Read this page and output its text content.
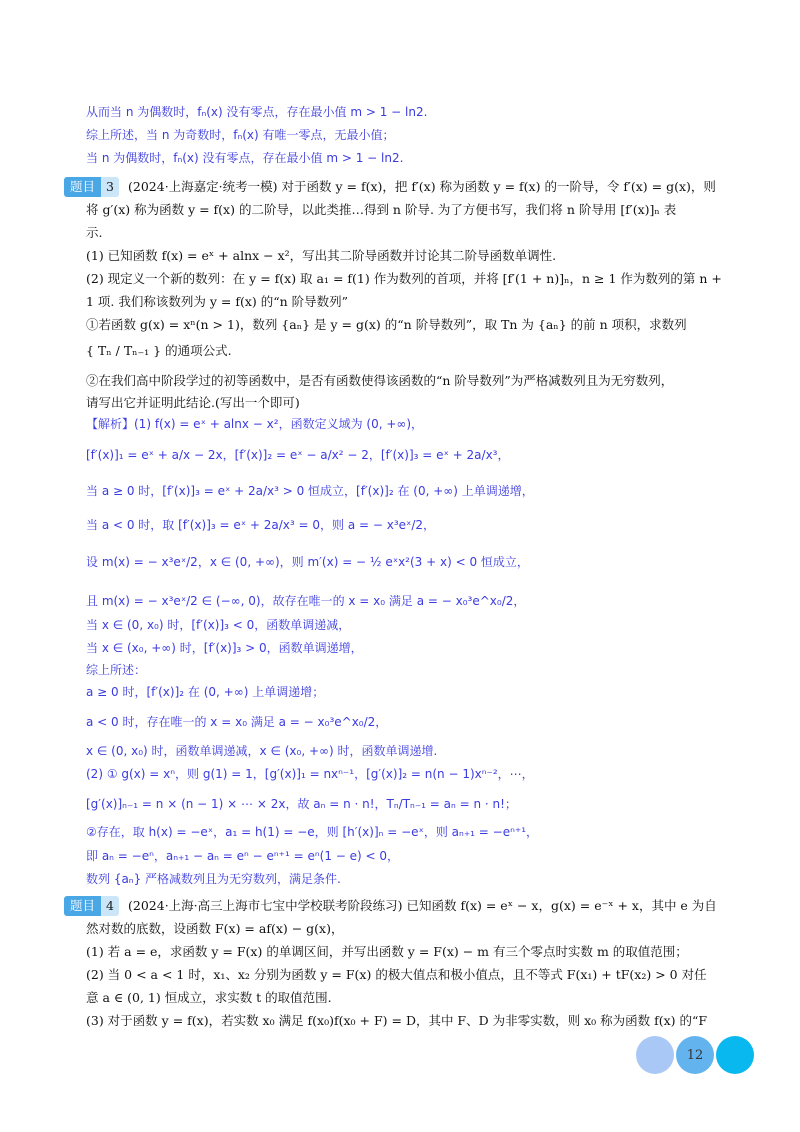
从而当 n 为偶数时，fₙ(x) 没有零点，存在最小值 m > 1 − ln2.
综上所述，当 n 为奇数时，fₙ(x) 有唯一零点，无最小值；
当 n 为偶数时，fₙ(x) 没有零点，存在最小值 m > 1 − ln2.
题目 3	(2024·上海嘉定·统考一模) 对于函数 y = f(x)，把 f′(x) 称为函数 y = f(x) 的一阶导，令 f′(x) = g(x)，则
将 g′(x) 称为函数 y = f(x) 的二阶导，以此类推…得到 n 阶导. 为了方便书写，我们将 n 阶导用 [f′(x)]ₙ 表
示.
(1) 已知函数 f(x) = eˣ + alnx − x²，写出其二阶导函数并讨论其二阶导函数单调性.
(2) 现定义一个新的数列：在 y = f(x) 取 a₁ = f(1) 作为数列的首项，并将 [f′(1 + n)]ₙ，n ≥ 1 作为数列的第 n +
1 项. 我们称该数列为 y = f(x) 的“n 阶导数列”
①若函数 g(x) = xⁿ(n > 1)，数列 {aₙ} 是 y = g(x) 的“n 阶导数列”，取 Tn 为 {aₙ} 的前 n 项积，求数列
{ Tₙ / Tₙ₋₁ } 的通项公式.
②在我们高中阶段学过的初等函数中，是否有函数使得该函数的“n 阶导数列”为严格减数列且为无穷数列，
请写出它并证明此结论.(写出一个即可)
【解析】(1) f(x) = eˣ + alnx − x²，函数定义域为 (0, +∞)，
[f′(x)]₁ = eˣ + a/x − 2x，[f′(x)]₂ = eˣ − a/x² − 2，[f′(x)]₃ = eˣ + 2a/x³，
当 a ≥ 0 时，[f′(x)]₃ = eˣ + 2a/x³ > 0 恒成立，[f′(x)]₂ 在 (0, +∞) 上单调递增，
当 a < 0 时，取 [f′(x)]₃ = eˣ + 2a/x³ = 0，则 a = − x³eˣ/2，
设 m(x) = − x³eˣ/2，x ∈ (0, +∞)，则 m′(x) = − ½ eˣx²(3 + x) < 0 恒成立，
且 m(x) = − x³eˣ/2 ∈ (−∞, 0)，故存在唯一的 x = x₀ 满足 a = − x₀³e^x₀/2，
当 x ∈ (0, x₀) 时，[f′(x)]₃ < 0，函数单调递减，
当 x ∈ (x₀, +∞) 时，[f′(x)]₃ > 0，函数单调递增，
综上所述：
a ≥ 0 时，[f′(x)]₂ 在 (0, +∞) 上单调递增；
a < 0 时，存在唯一的 x = x₀ 满足 a = − x₀³e^x₀/2，
x ∈ (0, x₀) 时，函数单调递减，x ∈ (x₀, +∞) 时，函数单调递增.
(2) ① g(x) = xⁿ，则 g(1) = 1，[g′(x)]₁ = nxⁿ⁻¹，[g′(x)]₂ = n(n − 1)xⁿ⁻²，⋯，
[g′(x)]ₙ₋₁ = n × (n − 1) × ⋯ × 2x，故 aₙ = n · n!，Tₙ/Tₙ₋₁ = aₙ = n · n!；
②存在，取 h(x) = −eˣ，a₁ = h(1) = −e，则 [h′(x)]ₙ = −eˣ，则 aₙ₊₁ = −eⁿ⁺¹，
即 aₙ = −eⁿ，aₙ₊₁ − aₙ = eⁿ − eⁿ⁺¹ = eⁿ(1 − e) < 0，
数列 {aₙ} 严格减数列且为无穷数列，满足条件.
题目 4	(2024·上海·高三上海市七宝中学校联考阶段练习) 已知函数 f(x) = eˣ − x，g(x) = e⁻ˣ + x，其中 e 为自
然对数的底数，设函数 F(x) = af(x) − g(x)，
(1) 若 a = e，求函数 y = F(x) 的单调区间，并写出函数 y = F(x) − m 有三个零点时实数 m 的取值范围；
(2) 当 0 < a < 1 时，x₁、x₂ 分别为函数 y = F(x) 的极大值点和极小值点，且不等式 F(x₁) + tF(x₂) > 0 对任
意 a ∈ (0, 1) 恒成立，求实数 t 的取值范围.
(3) 对于函数 y = f(x)，若实数 x₀ 满足 f(x₀)f(x₀ + F) = D，其中 F、D 为非零实数，则 x₀ 称为函数 f(x) 的“F
12
